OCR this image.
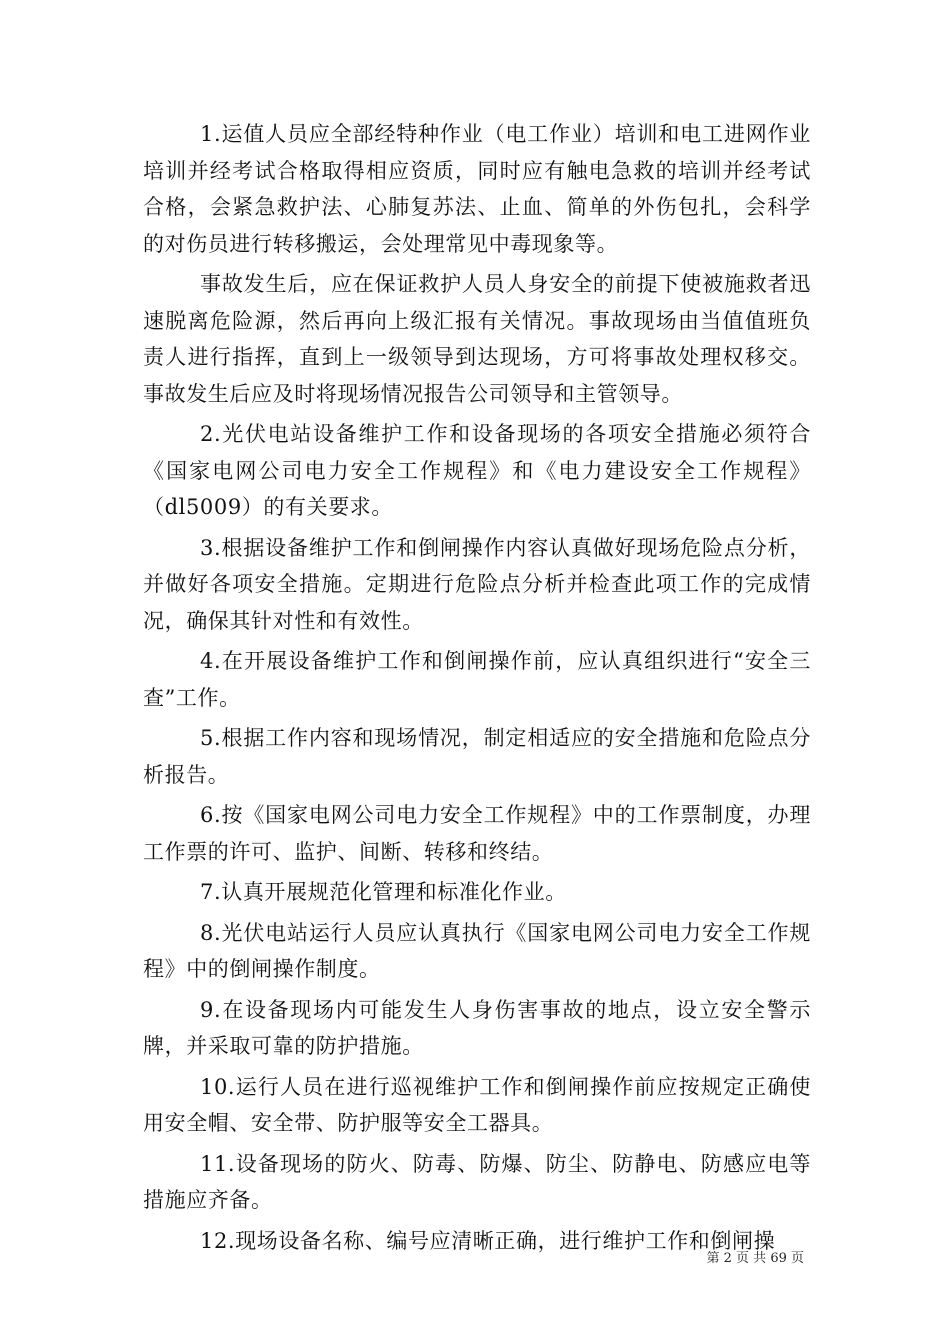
1.运值人员应全部经特种作业（电工作业）培训和电工进网作业培训并经考试合格取得相应资质，同时应有触电急救的培训并经考试合格，会紧急救护法、心肺复苏法、止血、简单的外伤包扎，会科学的对伤员进行转移搬运，会处理常见中毒现象等。

事故发生后，应在保证救护人员人身安全的前提下使被施救者迅速脱离危险源，然后再向上级汇报有关情况。事故现场由当值值班负责人进行指挥，直到上一级领导到达现场，方可将事故处理权移交。事故发生后应及时将现场情况报告公司领导和主管领导。

2.光伏电站设备维护工作和设备现场的各项安全措施必须符合《国家电网公司电力安全工作规程》和《电力建设安全工作规程》（dl5009）的有关要求。

3.根据设备维护工作和倒闸操作内容认真做好现场危险点分析，并做好各项安全措施。定期进行危险点分析并检查此项工作的完成情况，确保其针对性和有效性。

4.在开展设备维护工作和倒闸操作前，应认真组织进行“安全三查”工作。

5.根据工作内容和现场情况，制定相适应的安全措施和危险点分析报告。

6.按《国家电网公司电力安全工作规程》中的工作票制度，办理工作票的许可、监护、间断、转移和终结。

7.认真开展规范化管理和标准化作业。

8.光伏电站运行人员应认真执行《国家电网公司电力安全工作规程》中的倒闸操作制度。

9.在设备现场内可能发生人身伤害事故的地点，设立安全警示牌，并采取可靠的防护措施。

10.运行人员在进行巡视维护工作和倒闸操作前应按规定正确使用安全帽、安全带、防护服等安全工器具。

11.设备现场的防火、防毒、防爆、防尘、防静电、防感应电等措施应齐备。

12.现场设备名称、编号应清晰正确，进行维护工作和倒闸操

第 2 页 共 69 页
